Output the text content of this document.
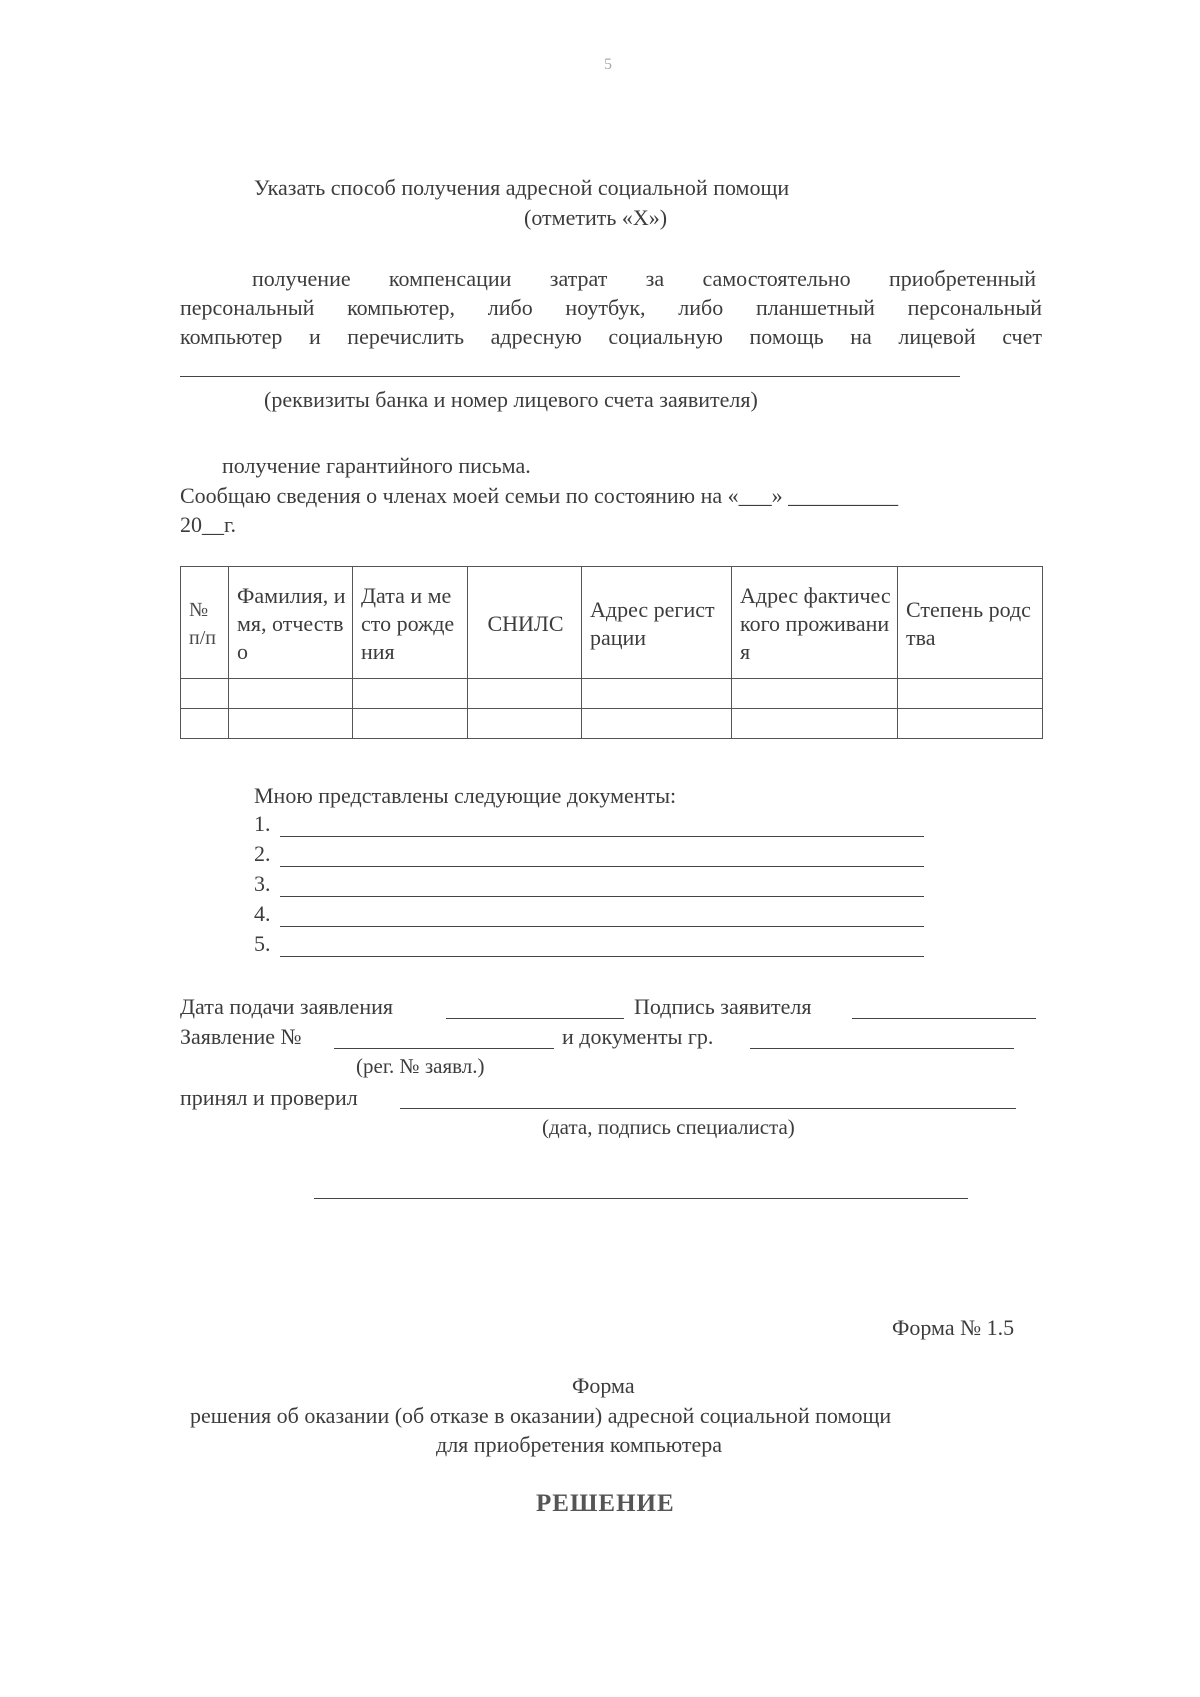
5
Указать способ получения адресной социальной помощи
(отметить «Х»)
получение компенсации затрат за самостоятельно приобретенный
персональный компьютер, либо ноутбук, либо планшетный персональный
компьютер и перечислить адресную социальную помощь на лицевой счет
(реквизиты банка и номер лицевого счета заявителя)
получение гарантийного письма.
Сообщаю сведения о членах моей семьи по состоянию на «___» __________
20__г.
№ п/п	Фамилия, имя, отчество	Дата и место рождения	СНИЛС	Адрес регистрации	Адрес фактического проживания	Степень родства

Мною представлены следующие документы:
1.
2.
3.
4.
5.
Дата подачи заявления	Подпись заявителя
Заявление №	и документы гр.
(рег. № заявл.)
принял и проверил
(дата, подпись специалиста)
Форма № 1.5
Форма
решения об оказании (об отказе в оказании) адресной социальной помощи
для приобретения компьютера
РЕШЕНИЕ
